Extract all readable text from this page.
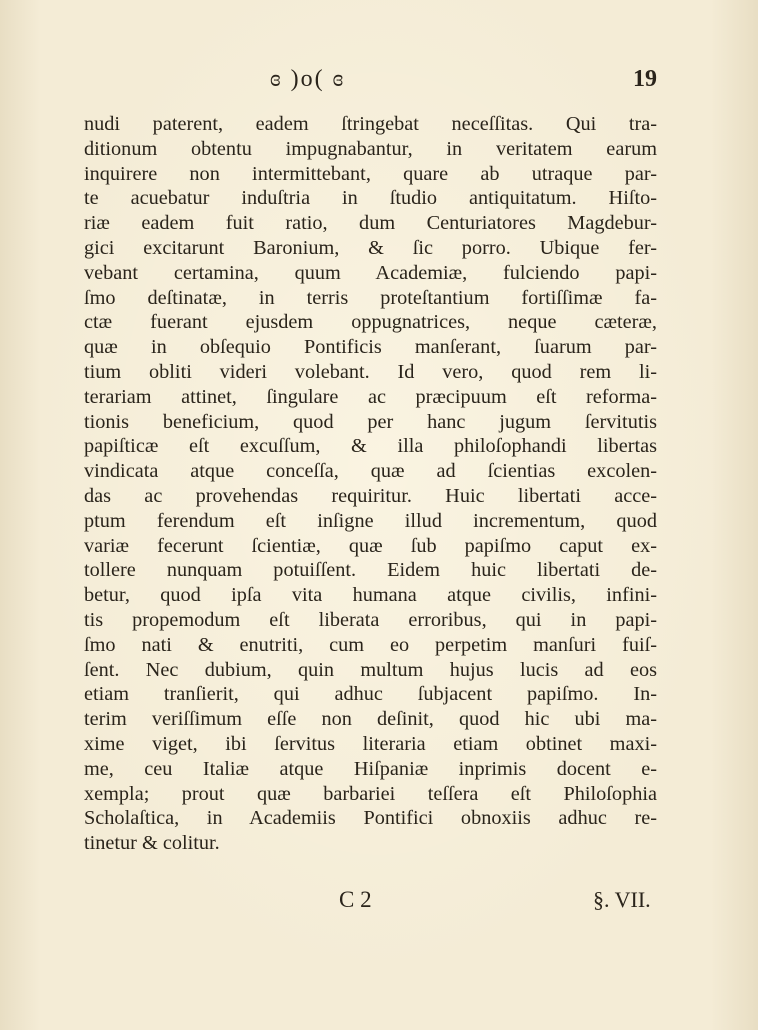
ɞ )o( ɞ	19
nudi paterent, eadem ſtringebat neceſſitas. Qui tra-
ditionum obtentu impugnabantur, in veritatem earum
inquirere non intermittebant, quare ab utraque par-
te acuebatur induſtria in ſtudio antiquitatum. Hiſto-
riæ eadem fuit ratio, dum Centuriatores Magdebur-
gici excitarunt Baronium, & ſic porro. Ubique fer-
vebant certamina, quum Academiæ, fulciendo papi-
ſmo deſtinatæ, in terris proteſtantium fortiſſimæ fa-
ctæ fuerant ejusdem oppugnatrices, neque cæteræ,
quæ in obſequio Pontificis manſerant, ſuarum par-
tium obliti videri volebant. Id vero, quod rem li-
terariam attinet, ſingulare ac præcipuum eſt reforma-
tionis beneficium, quod per hanc jugum ſervitutis
papiſticæ eſt excuſſum, & illa philoſophandi libertas
vindicata atque conceſſa, quæ ad ſcientias excolen-
das ac provehendas requiritur. Huic libertati acce-
ptum ferendum eſt inſigne illud incrementum, quod
variæ fecerunt ſcientiæ, quæ ſub papiſmo caput ex-
tollere nunquam potuiſſent. Eidem huic libertati de-
betur, quod ipſa vita humana atque civilis, infini-
tis propemodum eſt liberata erroribus, qui in papi-
ſmo nati & enutriti, cum eo perpetim manſuri fuiſ-
ſent. Nec dubium, quin multum hujus lucis ad eos
etiam tranſierit, qui adhuc ſubjacent papiſmo. In-
terim veriſſimum eſſe non deſinit, quod hic ubi ma-
xime viget, ibi ſervitus literaria etiam obtinet maxi-
me, ceu Italiæ atque Hiſpaniæ inprimis docent e-
xempla; prout quæ barbariei teſſera eſt Philoſophia
Scholaſtica, in Academiis Pontifici obnoxiis adhuc re-
tinetur & colitur.
C 2	§. VII.
